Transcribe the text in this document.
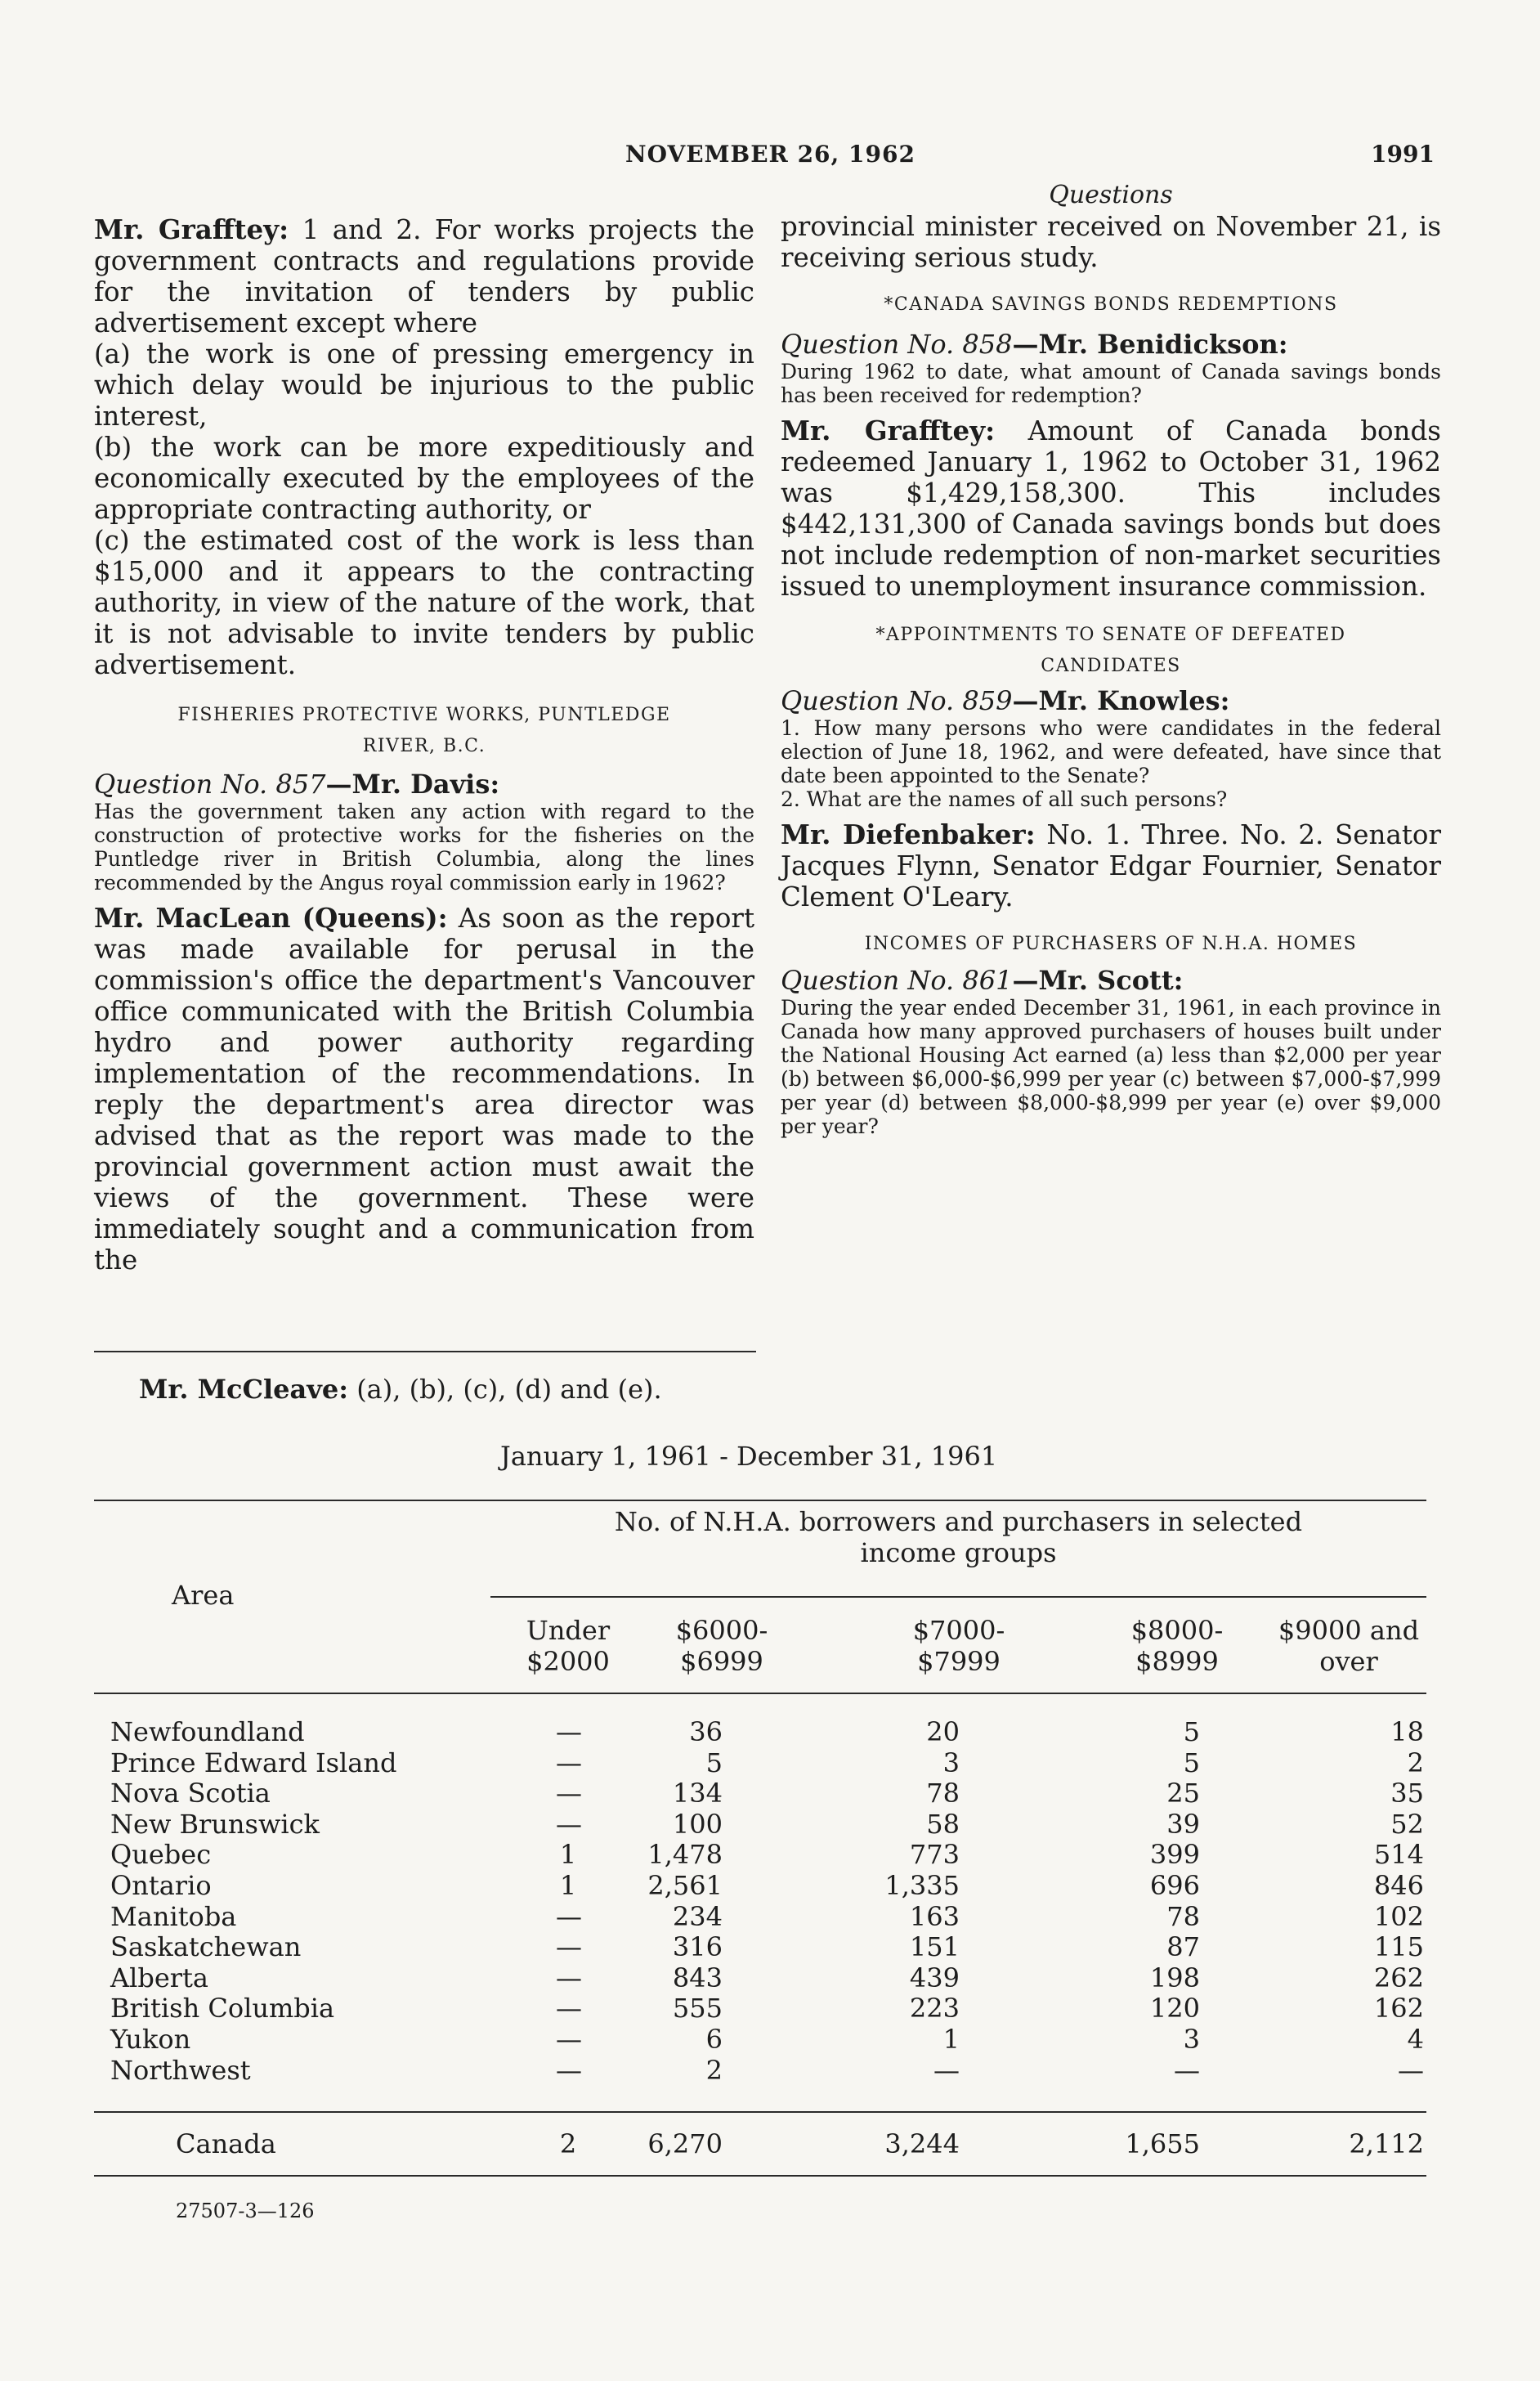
NOVEMBER 26, 1962	1991

Mr. Grafftey: 1 and 2. For works projects the government contracts and regulations provide for the invitation of tenders by public advertisement except where

(a) the work is one of pressing emergency in which delay would be injurious to the public interest,

(b) the work can be more expeditiously and economically executed by the employees of the appropriate contracting authority, or

(c) the estimated cost of the work is less than $15,000 and it appears to the contracting authority, in view of the nature of the work, that it is not advisable to invite tenders by public advertisement.

FISHERIES PROTECTIVE WORKS, PUNTLEDGE
RIVER, B.C.

Question No. 857—Mr. Davis:

Has the government taken any action with regard to the construction of protective works for the fisheries on the Puntledge river in British Columbia, along the lines recommended by the Angus royal commission early in 1962?

Mr. MacLean (Queens): As soon as the report was made available for perusal in the commission's office the department's Vancouver office communicated with the British Columbia hydro and power authority regarding implementation of the recommendations. In reply the department's area director was advised that as the report was made to the provincial government action must await the views of the government. These were immediately sought and a communication from the

Questions

provincial minister received on November 21, is receiving serious study.

*CANADA SAVINGS BONDS REDEMPTIONS

Question No. 858—Mr. Benidickson:

During 1962 to date, what amount of Canada savings bonds has been received for redemption?

Mr. Grafftey: Amount of Canada bonds redeemed January 1, 1962 to October 31, 1962 was $1,429,158,300. This includes $442,131,300 of Canada savings bonds but does not include redemption of non-market securities issued to unemployment insurance commission.

*APPOINTMENTS TO SENATE OF DEFEATED
CANDIDATES

Question No. 859—Mr. Knowles:

1. How many persons who were candidates in the federal election of June 18, 1962, and were defeated, have since that date been appointed to the Senate?

2. What are the names of all such persons?

Mr. Diefenbaker: No. 1. Three. No. 2. Senator Jacques Flynn, Senator Edgar Fournier, Senator Clement O'Leary.

INCOMES OF PURCHASERS OF N.H.A. HOMES

Question No. 861—Mr. Scott:

During the year ended December 31, 1961, in each province in Canada how many approved purchasers of houses built under the National Housing Act earned (a) less than $2,000 per year (b) between $6,000-$6,999 per year (c) between $7,000-$7,999 per year (d) between $8,000-$8,999 per year (e) over $9,000 per year?

Mr. McCleave: (a), (b), (c), (d) and (e).
January 1, 1961 - December 31, 1961
No. of N.H.A. borrowers and purchasers in selected
income groups
Area
Under
$2000
$6000-
$6999
$7000-
$7999
$8000-
$8999
$9000 and
over
Newfoundland	—	36	20	5	18
Prince Edward Island	—	5	3	5	2
Nova Scotia	—	134	78	25	35
New Brunswick	—	100	58	39	52
Quebec	1	1,478	773	399	514
Ontario	1	2,561	1,335	696	846
Manitoba	—	234	163	78	102
Saskatchewan	—	316	151	87	115
Alberta	—	843	439	198	262
British Columbia	—	555	223	120	162
Yukon	—	6	1	3	4
Northwest	—	2	—	—	—
Canada	2	6,270	3,244	1,655	2,112
27507-3—126
